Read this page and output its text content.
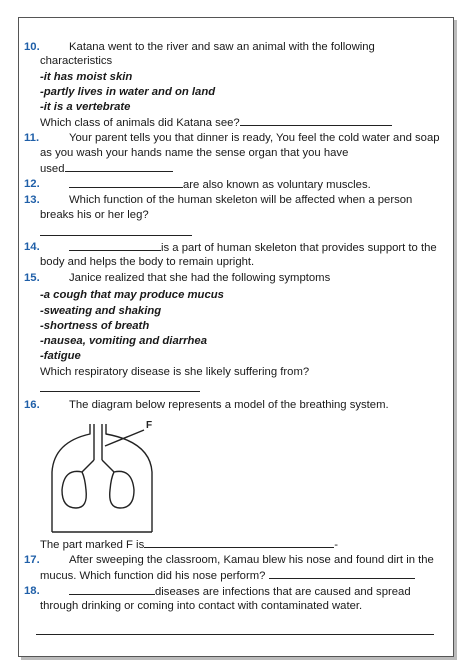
10.	Katana went to the river and saw an animal with the following
characteristics
-it has moist skin
-partly lives in water and on land
-it is a vertebrate
Which class of animals did Katana see?
11.	Your parent tells you that dinner is ready, You feel the cold water and soap
as you wash your hands name the sense organ that you have
used
12.	are also known as voluntary muscles.
13.	Which function of the human skeleton will be affected when a person
breaks his or her leg?
14.	is a part of human skeleton that provides support to the
body and helps the body to remain upright.
15.	Janice realized that she had the following symptoms
-a cough that may produce mucus
-sweating and shaking
-shortness of breath
-nausea, vomiting and diarrhea
-fatigue
Which respiratory disease is she likely suffering from?
16.	The diagram below represents a model of the breathing system.
F
The part marked F is	-
17.	After sweeping the classroom, Kamau blew his nose and found dirt in the
mucus. Which function did his nose perform?
18.	diseases are infections that are caused and spread
through drinking or coming into contact with contaminated water.
